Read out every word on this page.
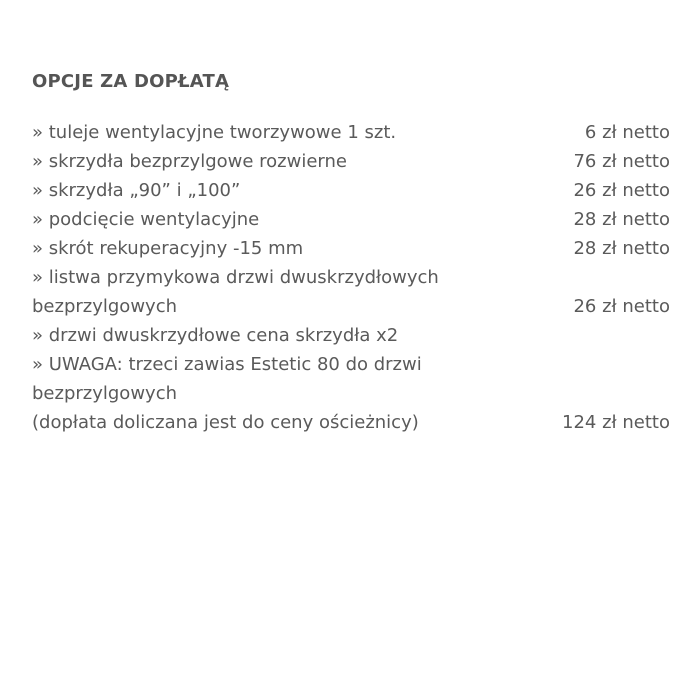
OPCJE ZA DOPŁATĄ
» tuleje wentylacyjne tworzywowe 1 szt.	6 zł netto
» skrzydła bezprzylgowe rozwierne	76 zł netto
» skrzydła „90” i „100”	26 zł netto
» podcięcie wentylacyjne	28 zł netto
» skrót rekuperacyjny -15 mm	28 zł netto
» listwa przymykowa drzwi dwuskrzydłowych bezprzylgowych	26 zł netto
» drzwi dwuskrzydłowe cena skrzydła x2
» UWAGA: trzeci zawias Estetic 80 do drzwi bezprzylgowych
(dopłata doliczana jest do ceny ościeżnicy)	124 zł netto
